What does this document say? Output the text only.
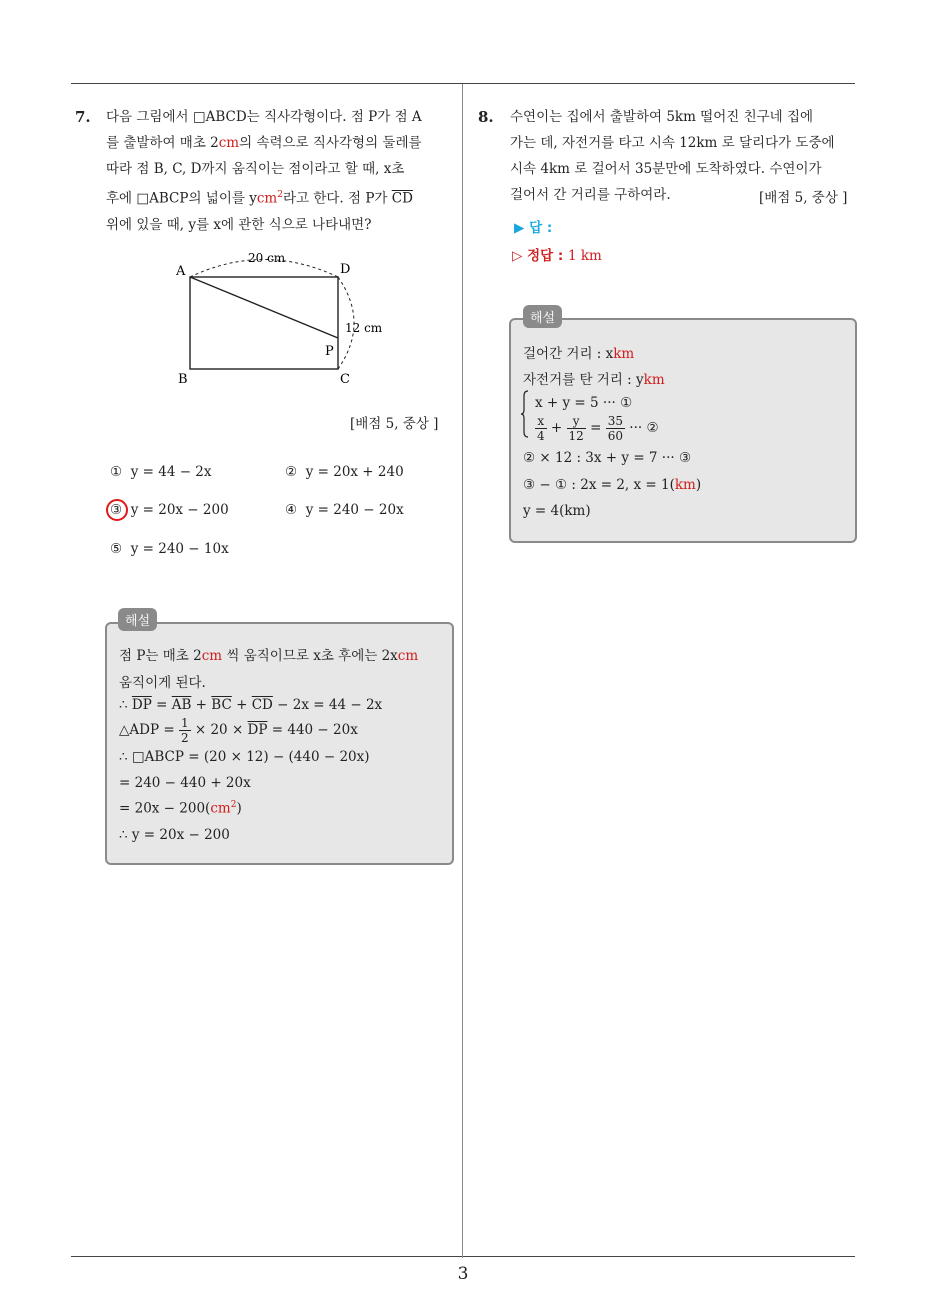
7. 다음 그림에서 □ABCD는 직사각형이다. 점 P가 점 A
를 출발하여 매초 2cm의 속력으로 직사각형의 둘레를
따라 점 B, C, D까지 움직이는 점이라고 할 때, x초
후에 □ABCP의 넓이를 ycm$^2$라고 한다. 점 P가 $\overline{CD}$
위에 있을 때, y를 x에 관한 식으로 나타내면?
A	D
B	C
P
20 cm
12 cm
[배점 5, 중상 ]
① y = 44 − 2x	② y = 20x + 240
③ y = 20x − 200	④ y = 240 − 20x
⑤ y = 240 − 10x
점 P는 매초 2cm 씩 움직이므로 x초 후에는 2xcm
움직이게 된다.
∴ $\overline{DP} = \overline{AB} + \overline{BC} + \overline{CD} - 2x = 44 - 2x$
△ADP = $\frac{1}{2} \times 20 \times \overline{DP} = 440 - 20x$
∴ □ABCP = (20 × 12) − (440 − 20x)
= 240 − 440 + 20x
= $20x - 200(cm^2)$
∴ y = 20x − 200
해설
8. 수연이는 집에서 출발하여 5km 떨어진 친구네 집에
가는 데, 자전거를 타고 시속 12km 로 달리다가 도중에
시속 4km 로 걸어서 35분만에 도착하였다. 수연이가
걸어서 간 거리를 구하여라.	[배점 5, 중상 ]
▶ 답 :
▷ 정답 : 1 km
걸어간 거리 : xkm
자전거를 탄 거리 : ykm
x + y = 5 ··· ①
$\frac{x}{4} + \frac{y}{12} = \frac{35}{60}$ ··· ②
② × 12 : 3x + y = 7 ··· ③
③ − ① : 2x = 2, x = 1(km)
y = 4(km)
해설
3
